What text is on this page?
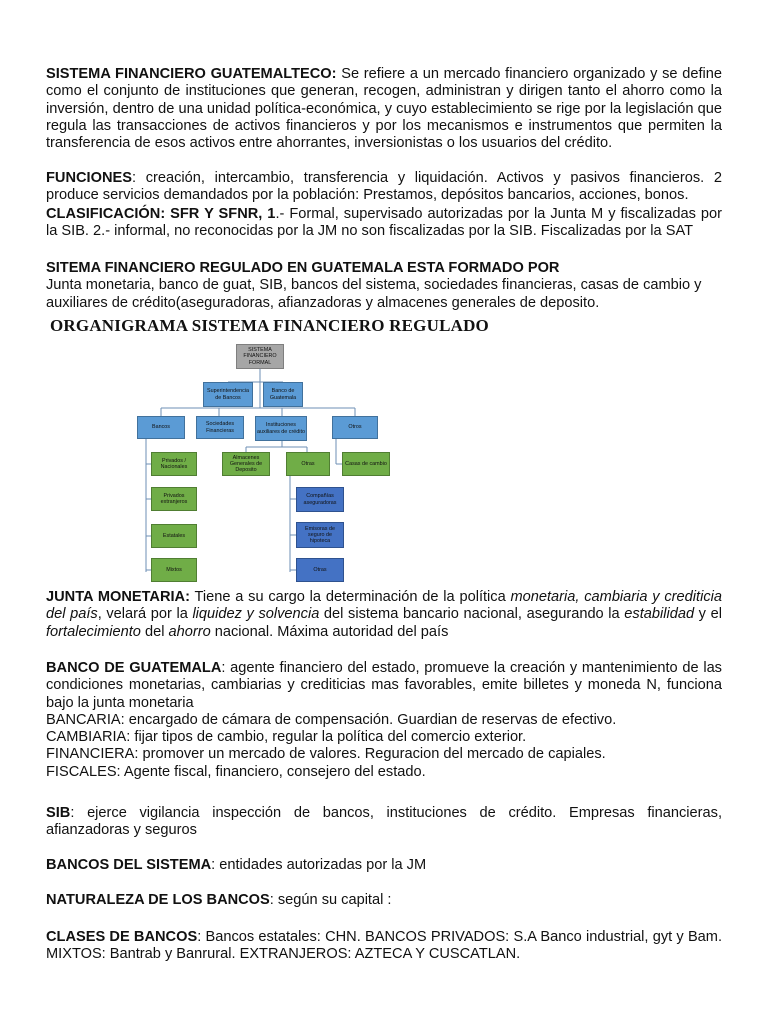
SISTEMA FINANCIERO GUATEMALTECO: Se refiere a un mercado financiero organizado y se define como el conjunto de instituciones que generan, recogen, administran y dirigen tanto el ahorro como la inversión, dentro de una unidad política-económica, y cuyo establecimiento se rige por la legislación que regula las transacciones de activos financieros y por los mecanismos e instrumentos que permiten la transferencia de esos activos entre ahorrantes, inversionistas o los usuarios del crédito.

FUNCIONES: creación, intercambio, transferencia y liquidación. Activos y pasivos financieros. 2 produce servicios demandados por la población: Prestamos, depósitos bancarios, acciones, bonos.

CLASIFICACIÓN: SFR Y SFNR, 1.- Formal, supervisado autorizadas por la Junta M y fiscalizadas por la SIB. 2.- informal, no reconocidas por la JM no son fiscalizadas por la SIB. Fiscalizadas por la SAT

SITEMA FINANCIERO REGULADO EN GUATEMALA ESTA FORMADO POR
Junta monetaria, banco de guat, SIB, bancos del sistema, sociedades financieras, casas de cambio y auxiliares de crédito(aseguradoras, afianzadoras y almacenes generales de deposito.

ORGANIGRAMA SISTEMA FINANCIERO REGULADO
SISTEMA FINANCIERO FORMAL
Superintendencia de Bancos
Banco de Guatemala
Bancos
Sociedades Financieras
Instituciones auxiliares de crédito
Otros
Privados / Nacionales
Privados extranjeros
Estatales
Mixtos
Almacenes Generales de Deposito
Otras	Casas de cambio
Compañías aseguradoras
Emisoras de seguro de hipoteca
Otras

JUNTA MONETARIA: Tiene a su cargo la determinación de la política monetaria, cambiaria y crediticia del país, velará por la liquidez y solvencia del sistema bancario nacional, asegurando la estabilidad y el fortalecimiento del ahorro nacional. Máxima autoridad del país

BANCO DE GUATEMALA: agente financiero del estado, promueve la creación y mantenimiento de las condiciones monetarias, cambiarias y crediticias mas favorables, emite billetes y moneda N, funciona bajo la junta monetaria
BANCARIA: encargado de cámara de compensación. Guardian de reservas de efectivo.
CAMBIARIA: fijar tipos de cambio, regular la política del comercio exterior.
FINANCIERA: promover un mercado de valores. Reguracion del mercado de capiales.
FISCALES: Agente fiscal, financiero, consejero del estado.

SIB: ejerce vigilancia inspección de bancos, instituciones de crédito. Empresas financieras, afianzadoras y seguros

BANCOS DEL SISTEMA: entidades autorizadas por la JM

NATURALEZA DE LOS BANCOS: según su capital :

CLASES DE BANCOS: Bancos estatales: CHN. BANCOS PRIVADOS: S.A Banco industrial, gyt y Bam. MIXTOS: Bantrab y Banrural. EXTRANJEROS: AZTECA Y CUSCATLAN.
